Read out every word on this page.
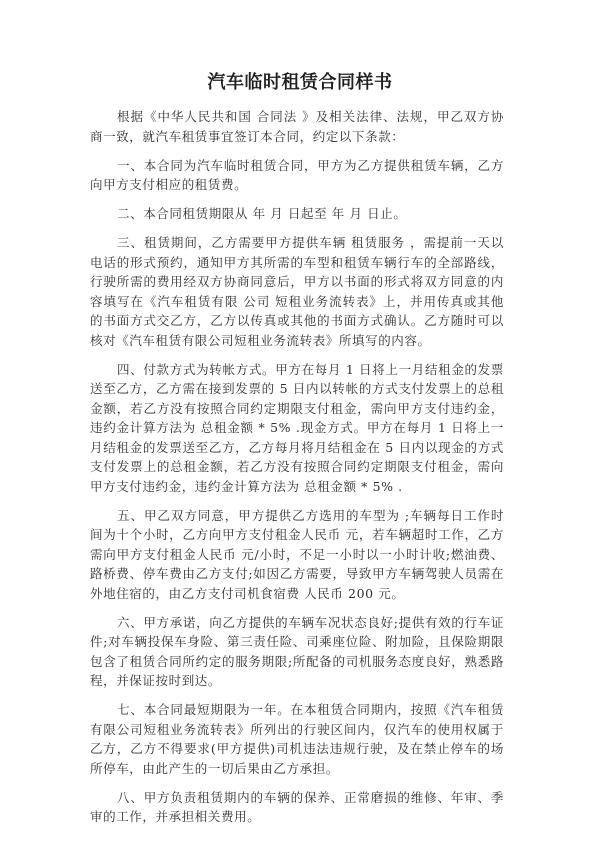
汽车临时租赁合同样书

根据《中华人民共和国 合同法 》及相关法律、法规，甲乙双方协商一致，就汽车租赁事宜签订本合同，约定以下条款：

一、本合同为汽车临时租赁合同，甲方为乙方提供租赁车辆，乙方向甲方支付相应的租赁费。

二、本合同租赁期限从 年 月 日起至 年 月 日止。

三、租赁期间，乙方需要甲方提供车辆 租赁服务 ，需提前一天以电话的形式预约，通知甲方其所需的车型和租赁车辆行车的全部路线，行驶所需的费用经双方协商同意后，甲方以书面的形式将双方同意的内容填写在《汽车租赁有限 公司 短租业务流转表》上，并用传真或其他的书面方式交乙方，乙方以传真或其他的书面方式确认。乙方随时可以核对《汽车租赁有限公司短租业务流转表》所填写的内容。

四、付款方式为转帐方式。甲方在每月 1 日将上一月结租金的发票送至乙方，乙方需在接到发票的 5 日内以转帐的方式支付发票上的总租金额，若乙方没有按照合同约定期限支付租金，需向甲方支付违约金，违约金计算方法为 总租金额 * 5% .现金方式。甲方在每月 1 日将上一月结租金的发票送至乙方，乙方每月将月结租金在 5 日内以现金的方式支付发票上的总租金额，若乙方没有按照合同约定期限支付租金，需向甲方支付违约金，违约金计算方法为 总租金额 * 5% .

五、甲乙双方同意，甲方提供乙方选用的车型为 ;车辆每日工作时间为十个小时，乙方向甲方支付租金人民币 元，若车辆超时工作，乙方需向甲方支付租金人民币 元/小时，不足一小时以一小时计收;燃油费、路桥费、停车费由乙方支付;如因乙方需要，导致甲方车辆驾驶人员需在外地住宿的，由乙方支付司机食宿费 人民币 200 元。

六、甲方承诺，向乙方提供的车辆车况状态良好;提供有效的行车证件;对车辆投保车身险、第三责任险、司乘座位险、附加险，且保险期限包含了租赁合同所约定的服务期限;所配备的司机服务态度良好，熟悉路程，并保证按时到达。

七、本合同最短期限为一年。在本租赁合同期内，按照《汽车租赁有限公司短租业务流转表》所列出的行驶区间内，仅汽车的使用权属于乙方，乙方不得要求(甲方提供)司机违法违规行驶，及在禁止停车的场所停车，由此产生的一切后果由乙方承担。

八、甲方负责租赁期内的车辆的保养、正常磨损的维修、年审、季审的工作，并承担相关费用。
